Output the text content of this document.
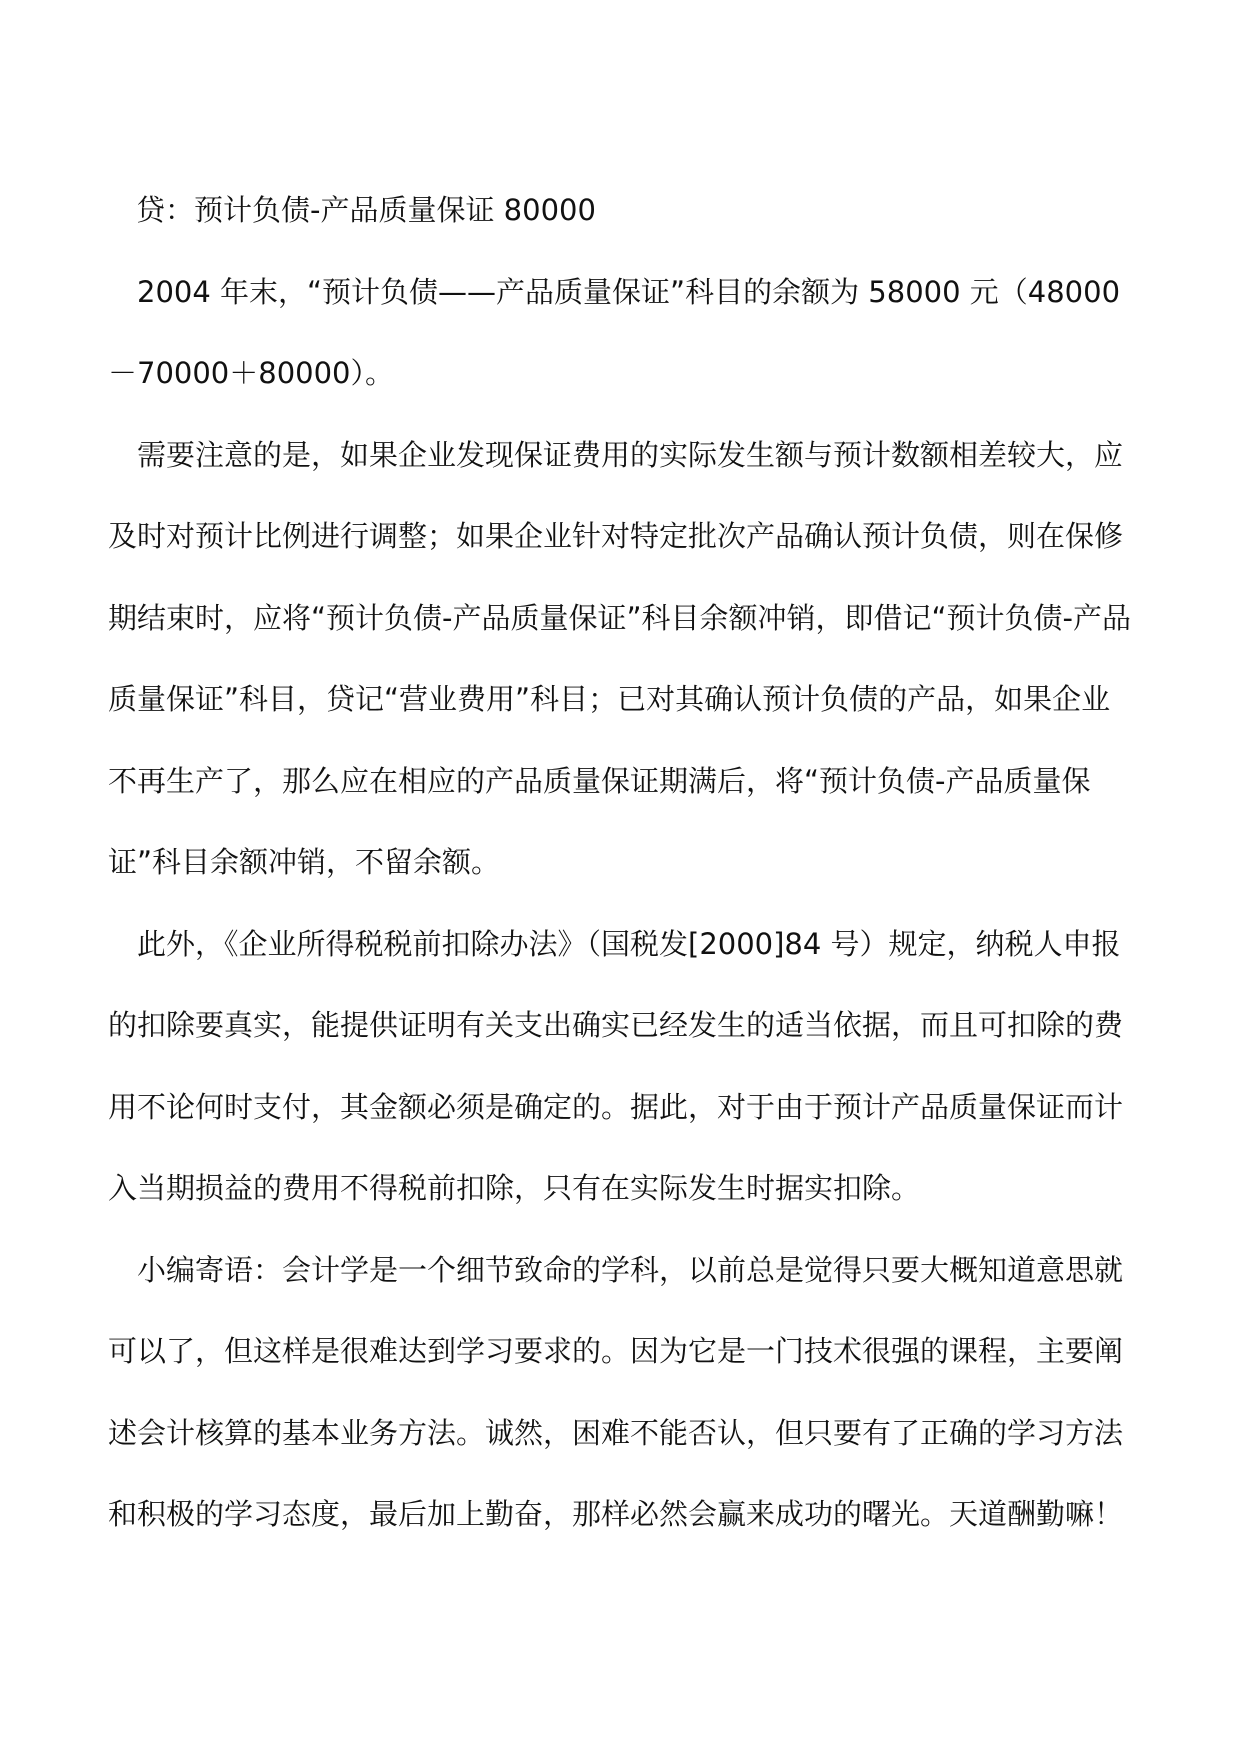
贷：预计负债-产品质量保证 80000

2004 年末，“预计负债——产品质量保证”科目的余额为 58000 元（48000－70000＋80000）。

需要注意的是，如果企业发现保证费用的实际发生额与预计数额相差较大，应及时对预计比例进行调整；如果企业针对特定批次产品确认预计负债，则在保修期结束时，应将“预计负债-产品质量保证”科目余额冲销，即借记“预计负债-产品质量保证”科目，贷记“营业费用”科目；已对其确认预计负债的产品，如果企业不再生产了，那么应在相应的产品质量保证期满后，将“预计负债-产品质量保证”科目余额冲销，不留余额。

此外，《企业所得税税前扣除办法》（国税发[2000]84 号）规定，纳税人申报的扣除要真实，能提供证明有关支出确实已经发生的适当依据，而且可扣除的费用不论何时支付，其金额必须是确定的。据此，对于由于预计产品质量保证而计入当期损益的费用不得税前扣除，只有在实际发生时据实扣除。

小编寄语：会计学是一个细节致命的学科，以前总是觉得只要大概知道意思就可以了，但这样是很难达到学习要求的。因为它是一门技术很强的课程，主要阐述会计核算的基本业务方法。诚然，困难不能否认，但只要有了正确的学习方法和积极的学习态度，最后加上勤奋，那样必然会赢来成功的曙光。天道酬勤嘛！
